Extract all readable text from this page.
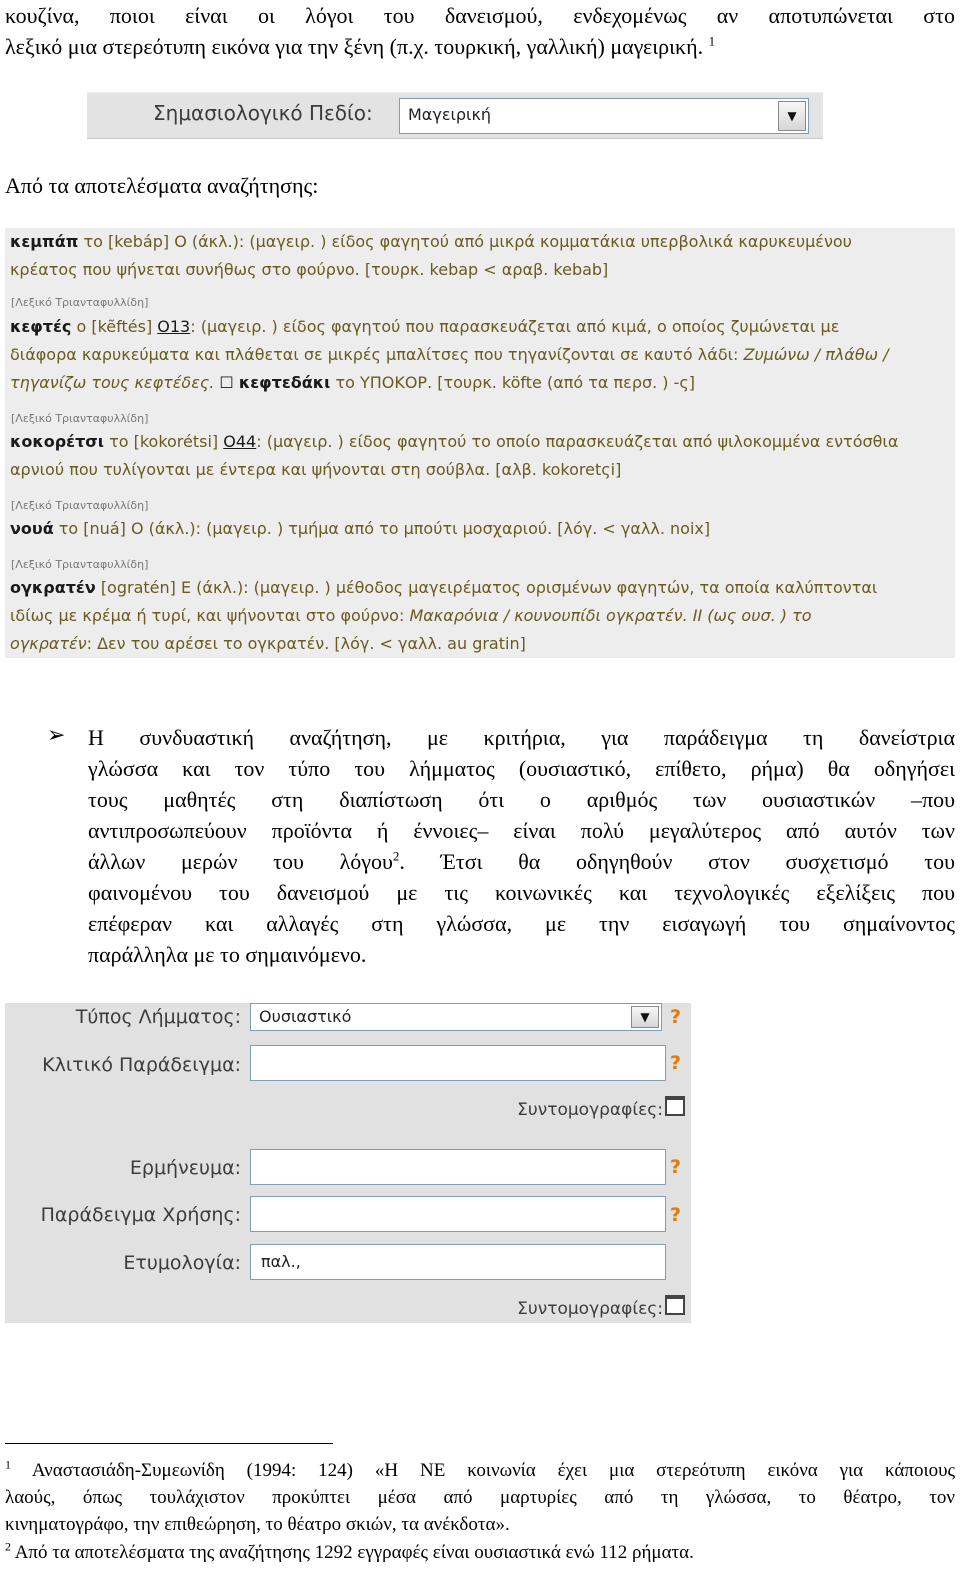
κουζίνα, ποιοι είναι οι λόγοι του δανεισμού, ενδεχομένως αν αποτυπώνεται στο
λεξικό μια στερεότυπη εικόνα για την ξένη (π.χ. τουρκική, γαλλική) μαγειρική. $^1$
Σημασιολογικό Πεδίο: Μαγειρική	▼
Από τα αποτελέσματα αναζήτησης:
κεμπάπ το [kebáp] Ο (άκλ.): (μαγειρ. ) είδος φαγητού από μικρά κομματάκια υπερβολικά καρυκευμένου
κρέατος που ψήνεται συνήθως στο φούρνο. [τουρκ. kebap < αραβ. kebab]
[Λεξικό Τριανταφυλλίδη]
κεφτές ο [ke͂ftés] Ο13: (μαγειρ. ) είδος φαγητού που παρασκευάζεται από κιμά, ο οποίος ζυμώνεται με
διάφορα καρυκεύματα και πλάθεται σε μικρές μπαλίτσες που τηγανίζονται σε καυτό λάδι: Ζυμώνω / πλάθω /
τηγανίζω τους κεφτέδες. ☐ κεφτεδάκι το ΥΠΟΚΟΡ. [τουρκ. köfte (από τα περσ. ) -ς]
[Λεξικό Τριανταφυλλίδη]
κοκορέτσι το [kokorétsi] Ο44: (μαγειρ. ) είδος φαγητού το οποίο παρασκευάζεται από ψιλοκομμένα εντόσθια
αρνιού που τυλίγονται με έντερα και ψήνονται στη σούβλα. [αλβ. kokoretςi]
[Λεξικό Τριανταφυλλίδη]
νουά το [nuá] Ο (άκλ.): (μαγειρ. ) τμήμα από το μπούτι μοσχαριού. [λόγ. < γαλλ. noix]
[Λεξικό Τριανταφυλλίδη]
ογκρατέν [ogratén] Ε (άκλ.): (μαγειρ. ) μέθοδος μαγειρέματος ορισμένων φαγητών, τα οποία καλύπτονται
ιδίως με κρέμα ή τυρί, και ψήνονται στο φούρνο: Μακαρόνια / κουνουπίδι ογκρατέν. ΙΙ (ως ουσ. ) το
ογκρατέν: Δεν του αρέσει το ογκρατέν. [λόγ. < γαλλ. au gratin]
➢ Η συνδυαστική αναζήτηση, με κριτήρια, για παράδειγμα τη δανείστρια
γλώσσα και τον τύπο του λήμματος (ουσιαστικό, επίθετο, ρήμα) θα οδηγήσει
τους μαθητές στη διαπίστωση ότι ο αριθμός των ουσιαστικών –που
αντιπροσωπεύουν προϊόντα ή έννοιες– είναι πολύ μεγαλύτερος από αυτόν των
άλλων μερών του λόγου$^2$. Έτσι θα οδηγηθούν στον συσχετισμό του
φαινομένου του δανεισμού με τις κοινωνικές και τεχνολογικές εξελίξεις που
επέφεραν και αλλαγές στη γλώσσα, με την εισαγωγή του σημαίνοντος
παράλληλα με το σημαινόμενο.
Τύπος Λήμματος: Ουσιαστικό	▼	?
Κλιτικό Παράδειγμα:	?
Συντομογραφίες:
Ερμήνευμα:	?
Παράδειγμα Χρήσης:	?
Ετυμολογία: παλ.,
Συντομογραφίες:
$^1$ Αναστασιάδη-Συμεωνίδη (1994: 124) «Η ΝΕ κοινωνία έχει μια στερεότυπη εικόνα για κάποιους
λαούς, όπως τουλάχιστον προκύπτει μέσα από μαρτυρίες από τη γλώσσα, το θέατρο, τον
κινηματογράφο, την επιθεώρηση, το θέατρο σκιών, τα ανέκδοτα».
$^2$ Από τα αποτελέσματα της αναζήτησης 1292 εγγραφές είναι ουσιαστικά ενώ 112 ρήματα.
